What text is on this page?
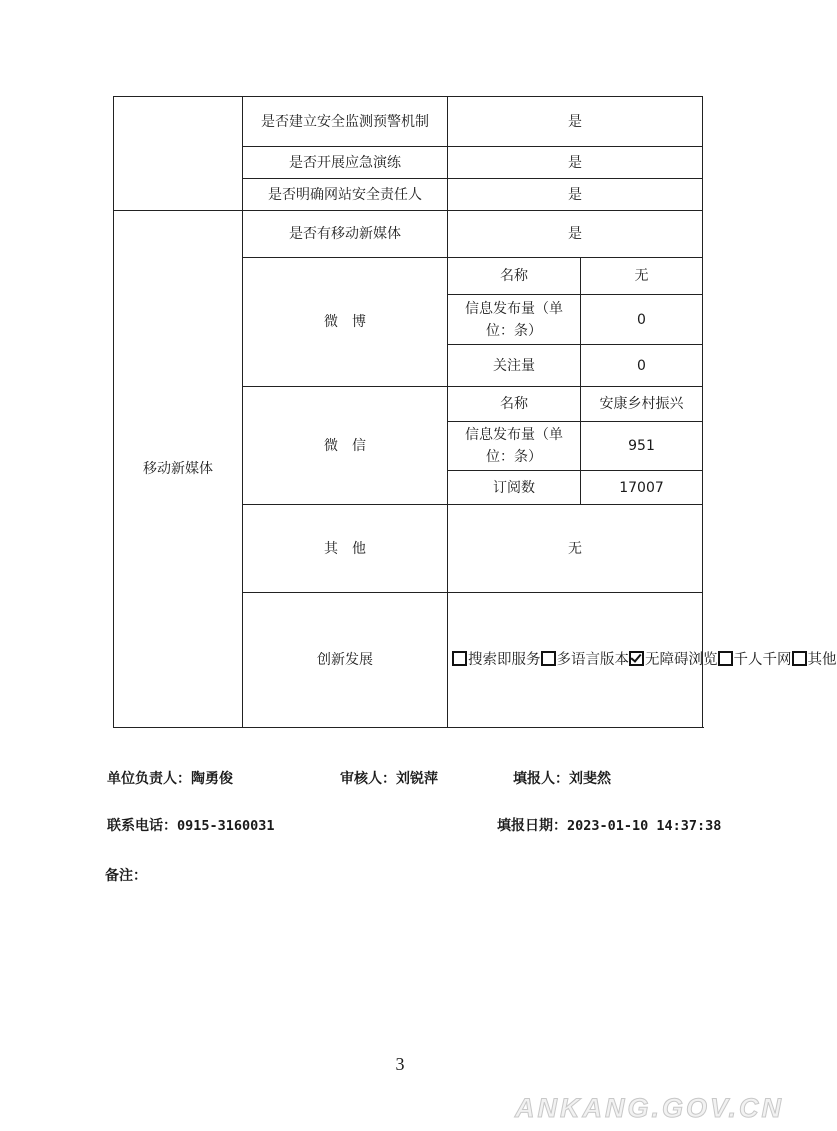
	是否建立安全监测预警机制	是	
	是否开展应急演练	是	
	是否明确网站安全责任人	是	
移动新媒体	是否有移动新媒体	是	
	微博	名称	无
		信息发布量（单位：条）	0
		关注量	0
	微信	名称	安康乡村振兴
		信息发布量（单位：条）	951
		订阅数	17007
	其他	无	
	创新发展	搜索即服务 多语言版本 无障碍浏览 千人千网 其他	
单位负责人：陶勇俊	审核人：刘锐萍	填报人：刘斐然
联系电话：0915-3160031	填报日期：2023-01-10 14:37:38
备注：
3
ANKANG.GOV.CN
